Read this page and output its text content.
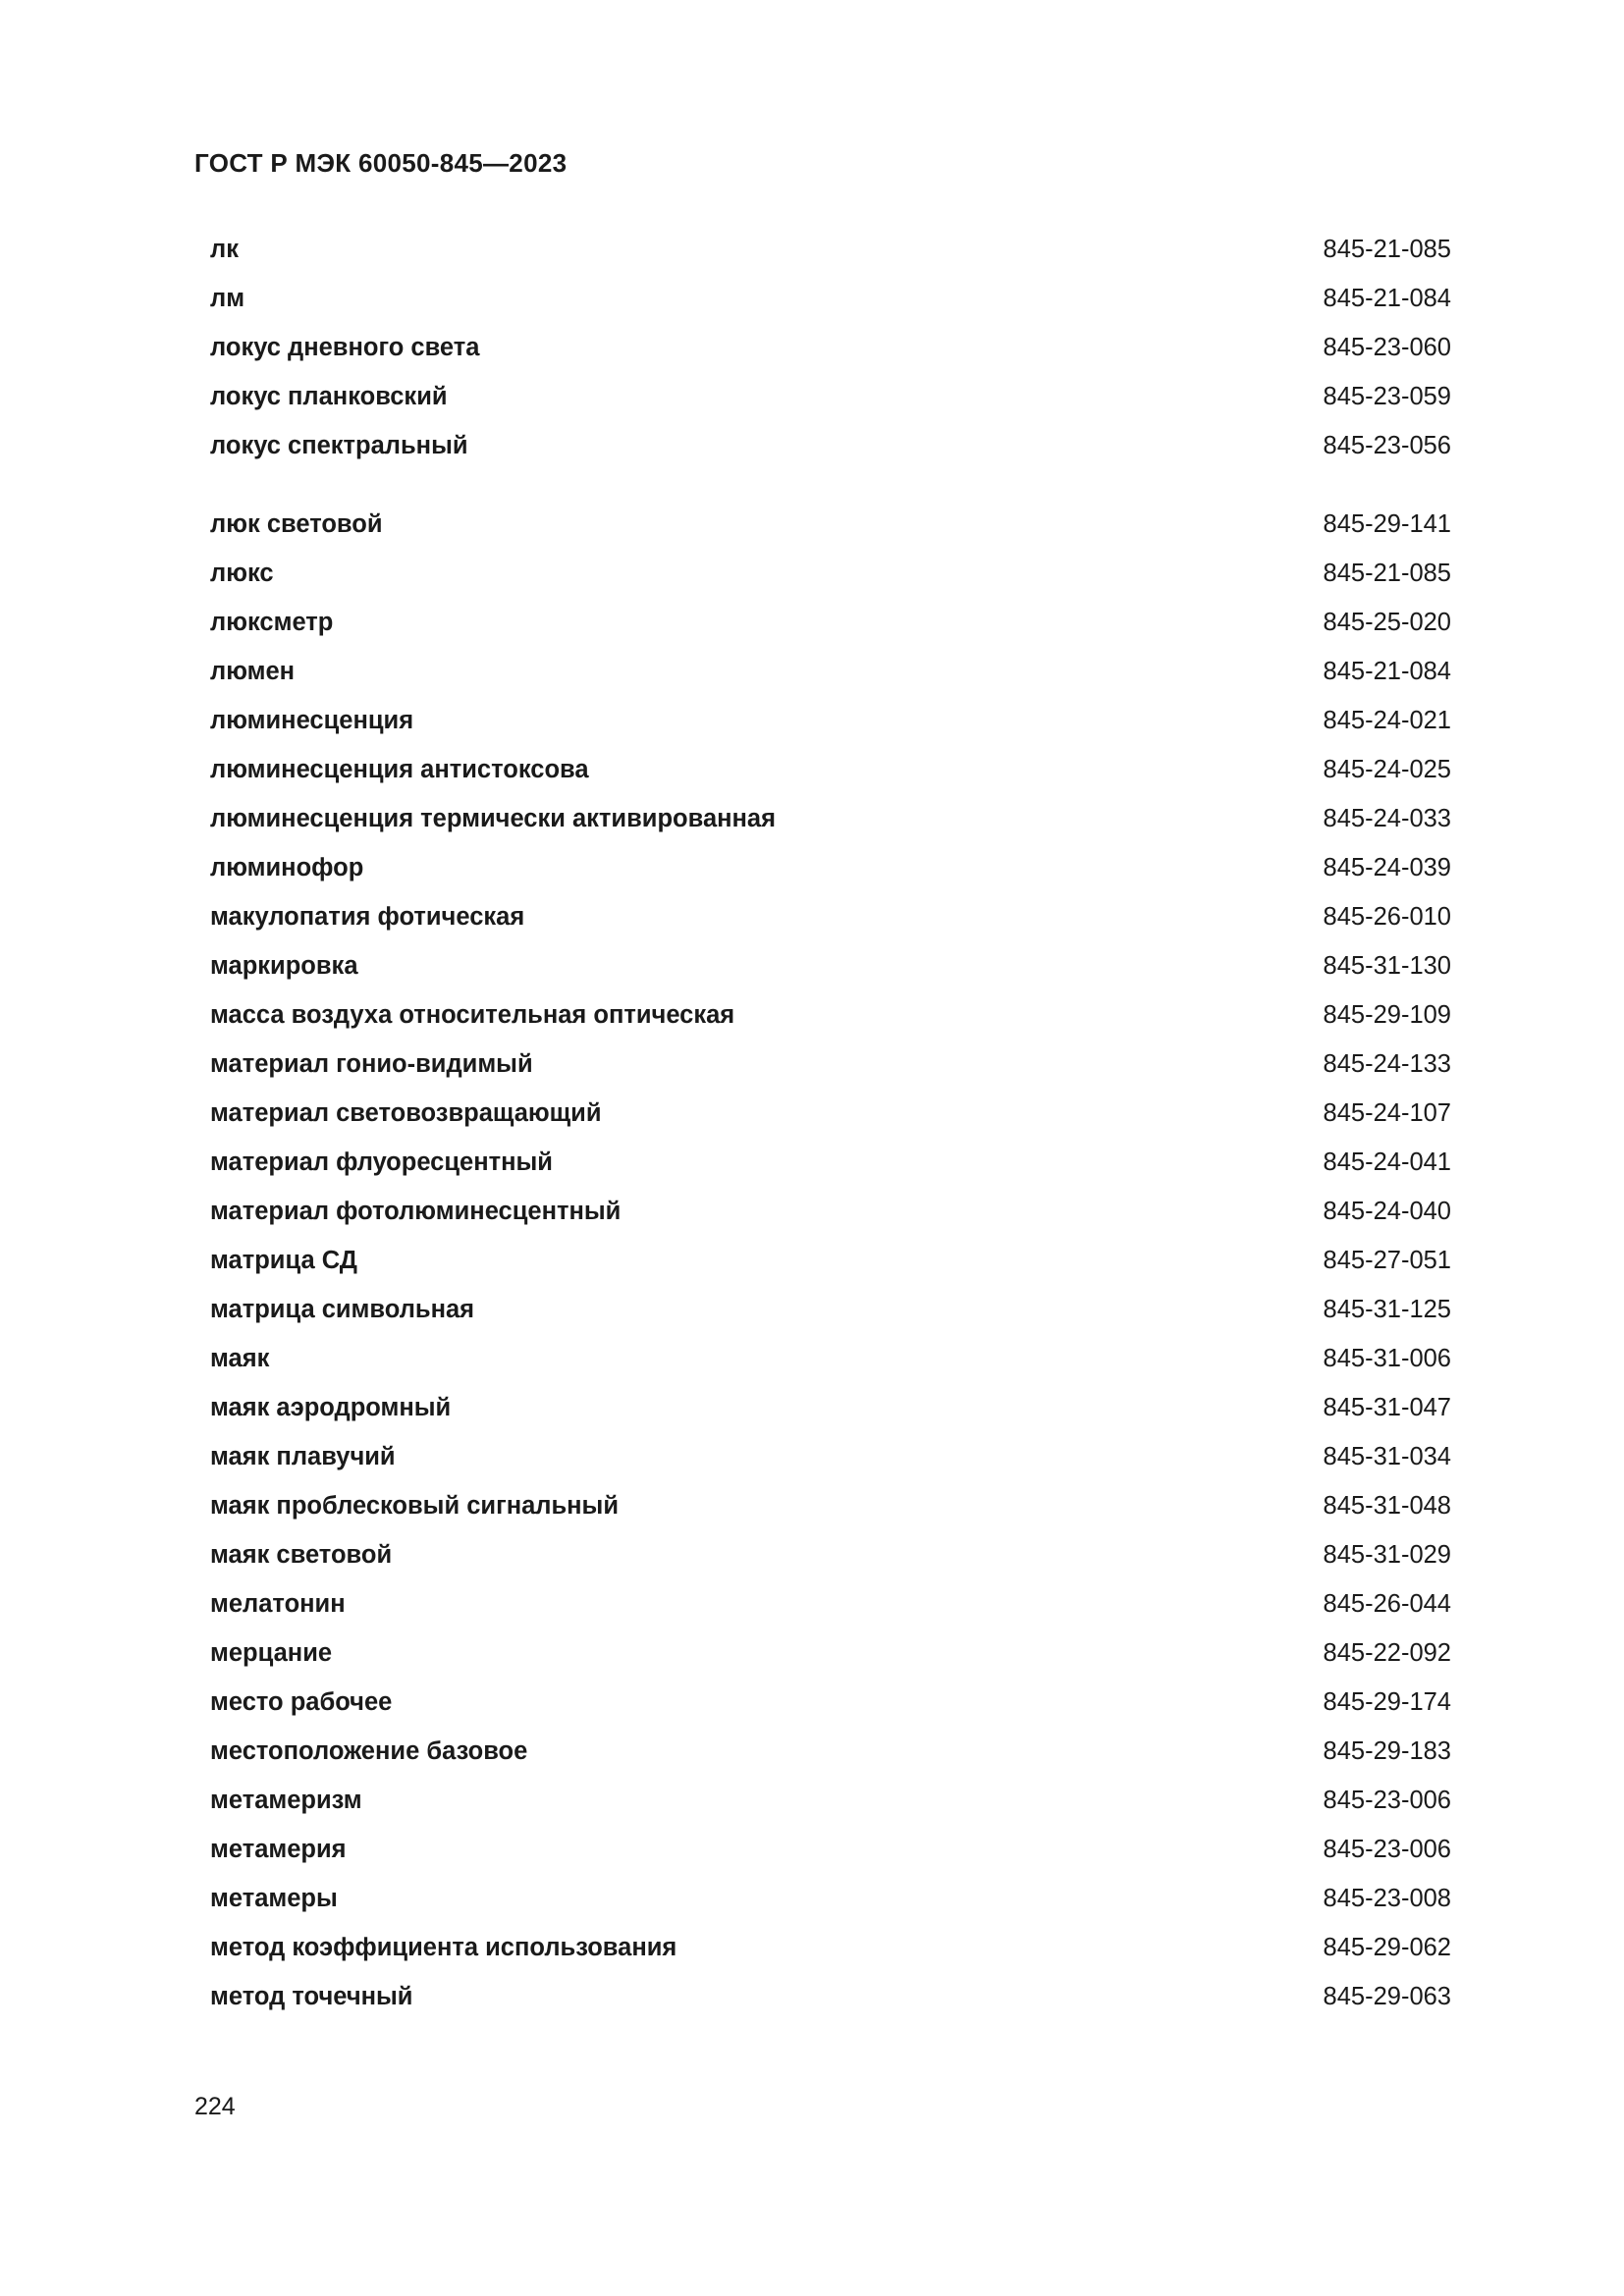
ГОСТ Р МЭК 60050-845—2023
лк	845-21-085
лм	845-21-084
локус дневного света	845-23-060
локус планковский	845-23-059
локус спектральный	845-23-056
люк световой	845-29-141
люкс	845-21-085
люксметр	845-25-020
люмен	845-21-084
люминесценция	845-24-021
люминесценция антистоксова	845-24-025
люминесценция термически активированная	845-24-033
люминофор	845-24-039
макулопатия фотическая	845-26-010
маркировка	845-31-130
масса воздуха относительная оптическая	845-29-109
материал гонио-видимый	845-24-133
материал световозвращающий	845-24-107
материал флуоресцентный	845-24-041
материал фотолюминесцентный	845-24-040
матрица СД	845-27-051
матрица символьная	845-31-125
маяк	845-31-006
маяк аэродромный	845-31-047
маяк плавучий	845-31-034
маяк проблесковый сигнальный	845-31-048
маяк световой	845-31-029
мелатонин	845-26-044
мерцание	845-22-092
место рабочее	845-29-174
местоположение базовое	845-29-183
метамеризм	845-23-006
метамерия	845-23-006
метамеры	845-23-008
метод коэффициента использования	845-29-062
метод точечный	845-29-063
224
